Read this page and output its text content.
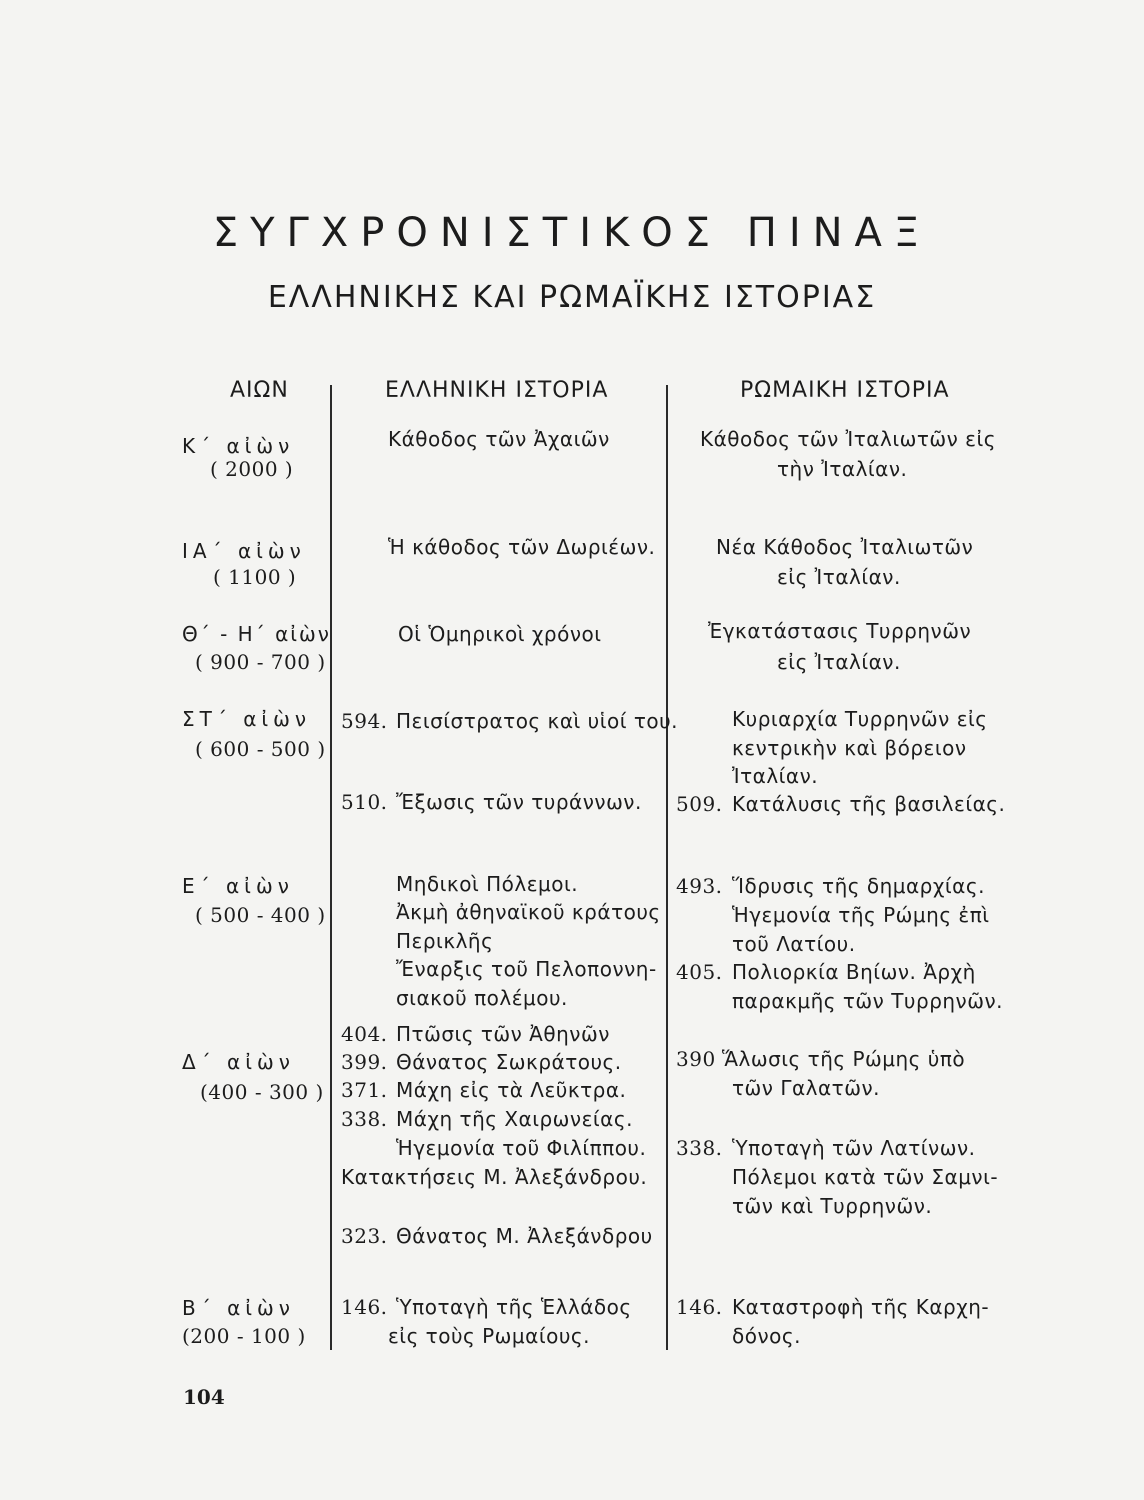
ΣΥΓΧΡΟΝΙΣΤΙΚΟΣ ΠΙΝΑΞ
ΕΛΛΗΝΙΚΗΣ ΚΑΙ ΡΩΜΑΪΚΗΣ ΙΣΤΟΡΙΑΣ
ΑΙΩΝ	ΕΛΛΗΝΙΚΗ ΙΣΤΟΡΙΑ	ΡΩΜΑΙΚΗ ΙΣΤΟΡΙΑ
Κ΄ αἰὼν
( 2000 )
ΙΑ΄ αἰὼν
( 1100 )
Θ΄ - Η΄ αἰὼν
( 900 - 700 )
ΣΤ΄ αἰὼν
( 600 - 500 )
Ε΄ αἰὼν
( 500 - 400 )
Δ΄ αἰὼν
(400 - 300 )
Β΄ αἰὼν
(200 - 100 )
Κάθοδος τῶν Ἀχαιῶν
Ἡ κάθοδος τῶν Δωριέων.
Οἱ Ὁμηρικοὶ χρόνοι
594. Πεισίστρατος καὶ υἱοί του.
510. Ἔξωσις τῶν τυράννων.
Μηδικοὶ Πόλεμοι.
Ἀκμὴ ἀθηναϊκοῦ κράτους
Περικλῆς
Ἔναρξις τοῦ Πελοποννη-
σιακοῦ πολέμου.
404. Πτῶσις τῶν Ἀθηνῶν
399. Θάνατος Σωκράτους.
371. Μάχη εἰς τὰ Λεῦκτρα.
338. Μάχη τῆς Χαιρωνείας.
Ἡγεμονία τοῦ Φιλίππου.
Κατακτήσεις Μ. Ἀλεξάνδρου.
323. Θάνατος Μ. Ἀλεξάνδρου
146. Ὑποταγὴ τῆς Ἑλλάδος
εἰς τοὺς Ρωμαίους.
Κάθοδος τῶν Ἰταλιωτῶν εἰς
τὴν Ἰταλίαν.
Νέα Κάθοδος Ἰταλιωτῶν
εἰς Ἰταλίαν.
Ἐγκατάστασις Τυρρηνῶν
εἰς Ἰταλίαν.
Κυριαρχία Τυρρηνῶν εἰς
κεντρικὴν καὶ βόρειον
Ἰταλίαν.
509. Κατάλυσις τῆς βασιλείας.
493. Ἵδρυσις τῆς δημαρχίας.
Ἡγεμονία τῆς Ρώμης ἐπὶ
τοῦ Λατίου.
405. Πολιορκία Βηίων. Ἀρχὴ
παρακμῆς τῶν Τυρρηνῶν.
390 Ἅλωσις τῆς Ρώμης ὑπὸ
τῶν Γαλατῶν.
338. Ὑποταγὴ τῶν Λατίνων.
Πόλεμοι κατὰ τῶν Σαμνι-
τῶν καὶ Τυρρηνῶν.
146. Καταστροφὴ τῆς Καρχη-
δόνος.
104
